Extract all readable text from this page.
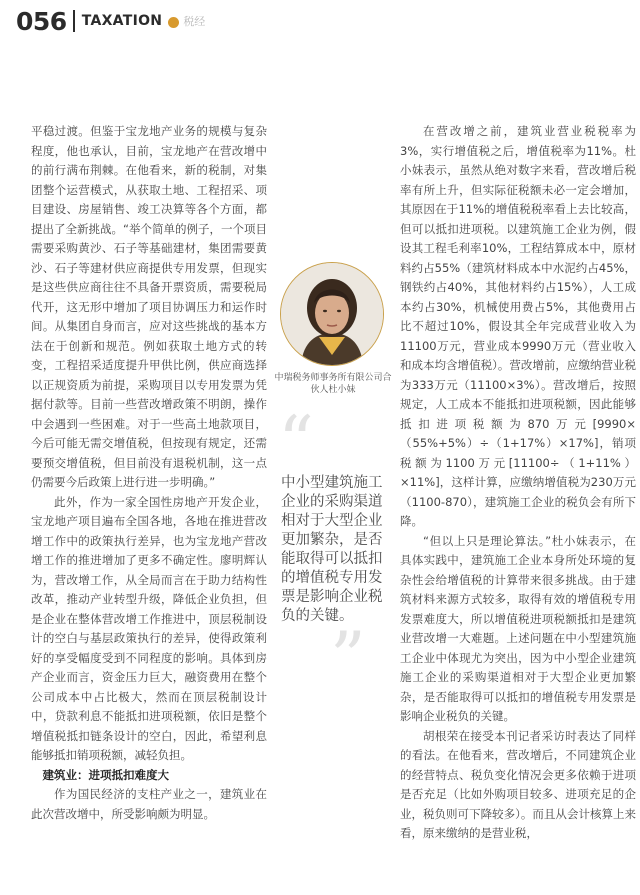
056 TAXATION 税经

平稳过渡。但鉴于宝龙地产业务的规模与复杂程度，他也承认，目前，宝龙地产在营改增中的前行满布荆棘。在他看来，新的税制，对集团整个运营模式，从获取土地、工程招采、项目建设、房屋销售、竣工决算等各个方面，都提出了全新挑战。“举个简单的例子，一个项目需要采购黄沙、石子等基础建材，集团需要黄沙、石子等建材供应商提供专用发票，但现实是这些供应商往往不具备开票资质，需要税局代开，这无形中增加了项目协调压力和运作时间。从集团自身而言，应对这些挑战的基本方法在于创新和规范。例如获取土地方式的转变，工程招采适度提升甲供比例，供应商选择以正规资质为前提，采购项目以专用发票为凭据付款等。目前一些营改增政策不明朗，操作中会遇到一些困难。对于一些高土地款项目，今后可能无需交增值税，但按现有规定，还需要预交增值税，但目前没有退税机制，这一点仍需要今后政策上进行进一步明确。”

此外，作为一家全国性房地产开发企业，宝龙地产项目遍布全国各地，各地在推进营改增工作中的政策执行差异，也为宝龙地产营改增工作的推进增加了更多不确定性。廖明辉认为，营改增工作，从全局而言在于助力结构性改革，推动产业转型升级，降低企业负担，但是企业在整体营改增工作推进中，顶层税制设计的空白与基层政策执行的差异，使得政策利好的享受幅度受到不同程度的影响。具体到房产企业而言，资金压力巨大，融资费用在整个公司成本中占比极大，然而在顶层税制设计中，贷款利息不能抵扣进项税额，依旧是整个增值税抵扣链条设计的空白，因此，希望利息能够抵扣销项税额，减轻负担。

建筑业：进项抵扣难度大

作为国民经济的支柱产业之一，建筑业在此次营改增中，所受影响颇为明显。

中瑞税务师事务所有限公司合伙人杜小妹
“
中小型建筑施工企业的采购渠道相对于大型企业更加繁杂，是否能取得可以抵扣的增值税专用发票是影响企业税负的关键。
”

在营改增之前，建筑业营业税税率为3%，实行增值税之后，增值税率为11%。杜小妹表示，虽然从绝对数字来看，营改增后税率有所上升，但实际征税额未必一定会增加，其原因在于11%的增值税税率看上去比较高，但可以抵扣进项税。以建筑施工企业为例，假设其工程毛利率10%，工程结算成本中，原材料约占55%（建筑材料成本中水泥约占45%，钢铁约占40%，其他材料约占15%），人工成本约占30%，机械使用费占5%，其他费用占比不超过10%，假设其全年完成营业收入为11100万元，营业成本9990万元（营业收入和成本均含增值税）。营改增前，应缴纳营业税为333万元（11100×3%）。营改增后，按照规定，人工成本不能抵扣进项税额，因此能够抵扣进项税额为870万元[9990×（55%+5%）÷（1+17%）×17%]，销项税额为1100万元[11100÷（1+11%）×11%]，这样计算，应缴纳增值税为230万元（1100-870），建筑施工企业的税负会有所下降。

“但以上只是理论算法。”杜小妹表示，在具体实践中，建筑施工企业本身所处环境的复杂性会给增值税的计算带来很多挑战。由于建筑材料来源方式较多，取得有效的增值税专用发票难度大，所以增值税进项税额抵扣是建筑业营改增一大难题。上述问题在中小型建筑施工企业中体现尤为突出，因为中小型企业建筑施工企业的采购渠道相对于大型企业更加繁杂，是否能取得可以抵扣的增值税专用发票是影响企业税负的关键。

胡根荣在接受本刊记者采访时表达了同样的看法。在他看来，营改增后，不同建筑企业的经营特点、税负变化情况会更多依赖于进项是否充足（比如外购项目较多、进项充足的企业，税负则可下降较多）。而且从会计核算上来看，原来缴纳的是营业税，
